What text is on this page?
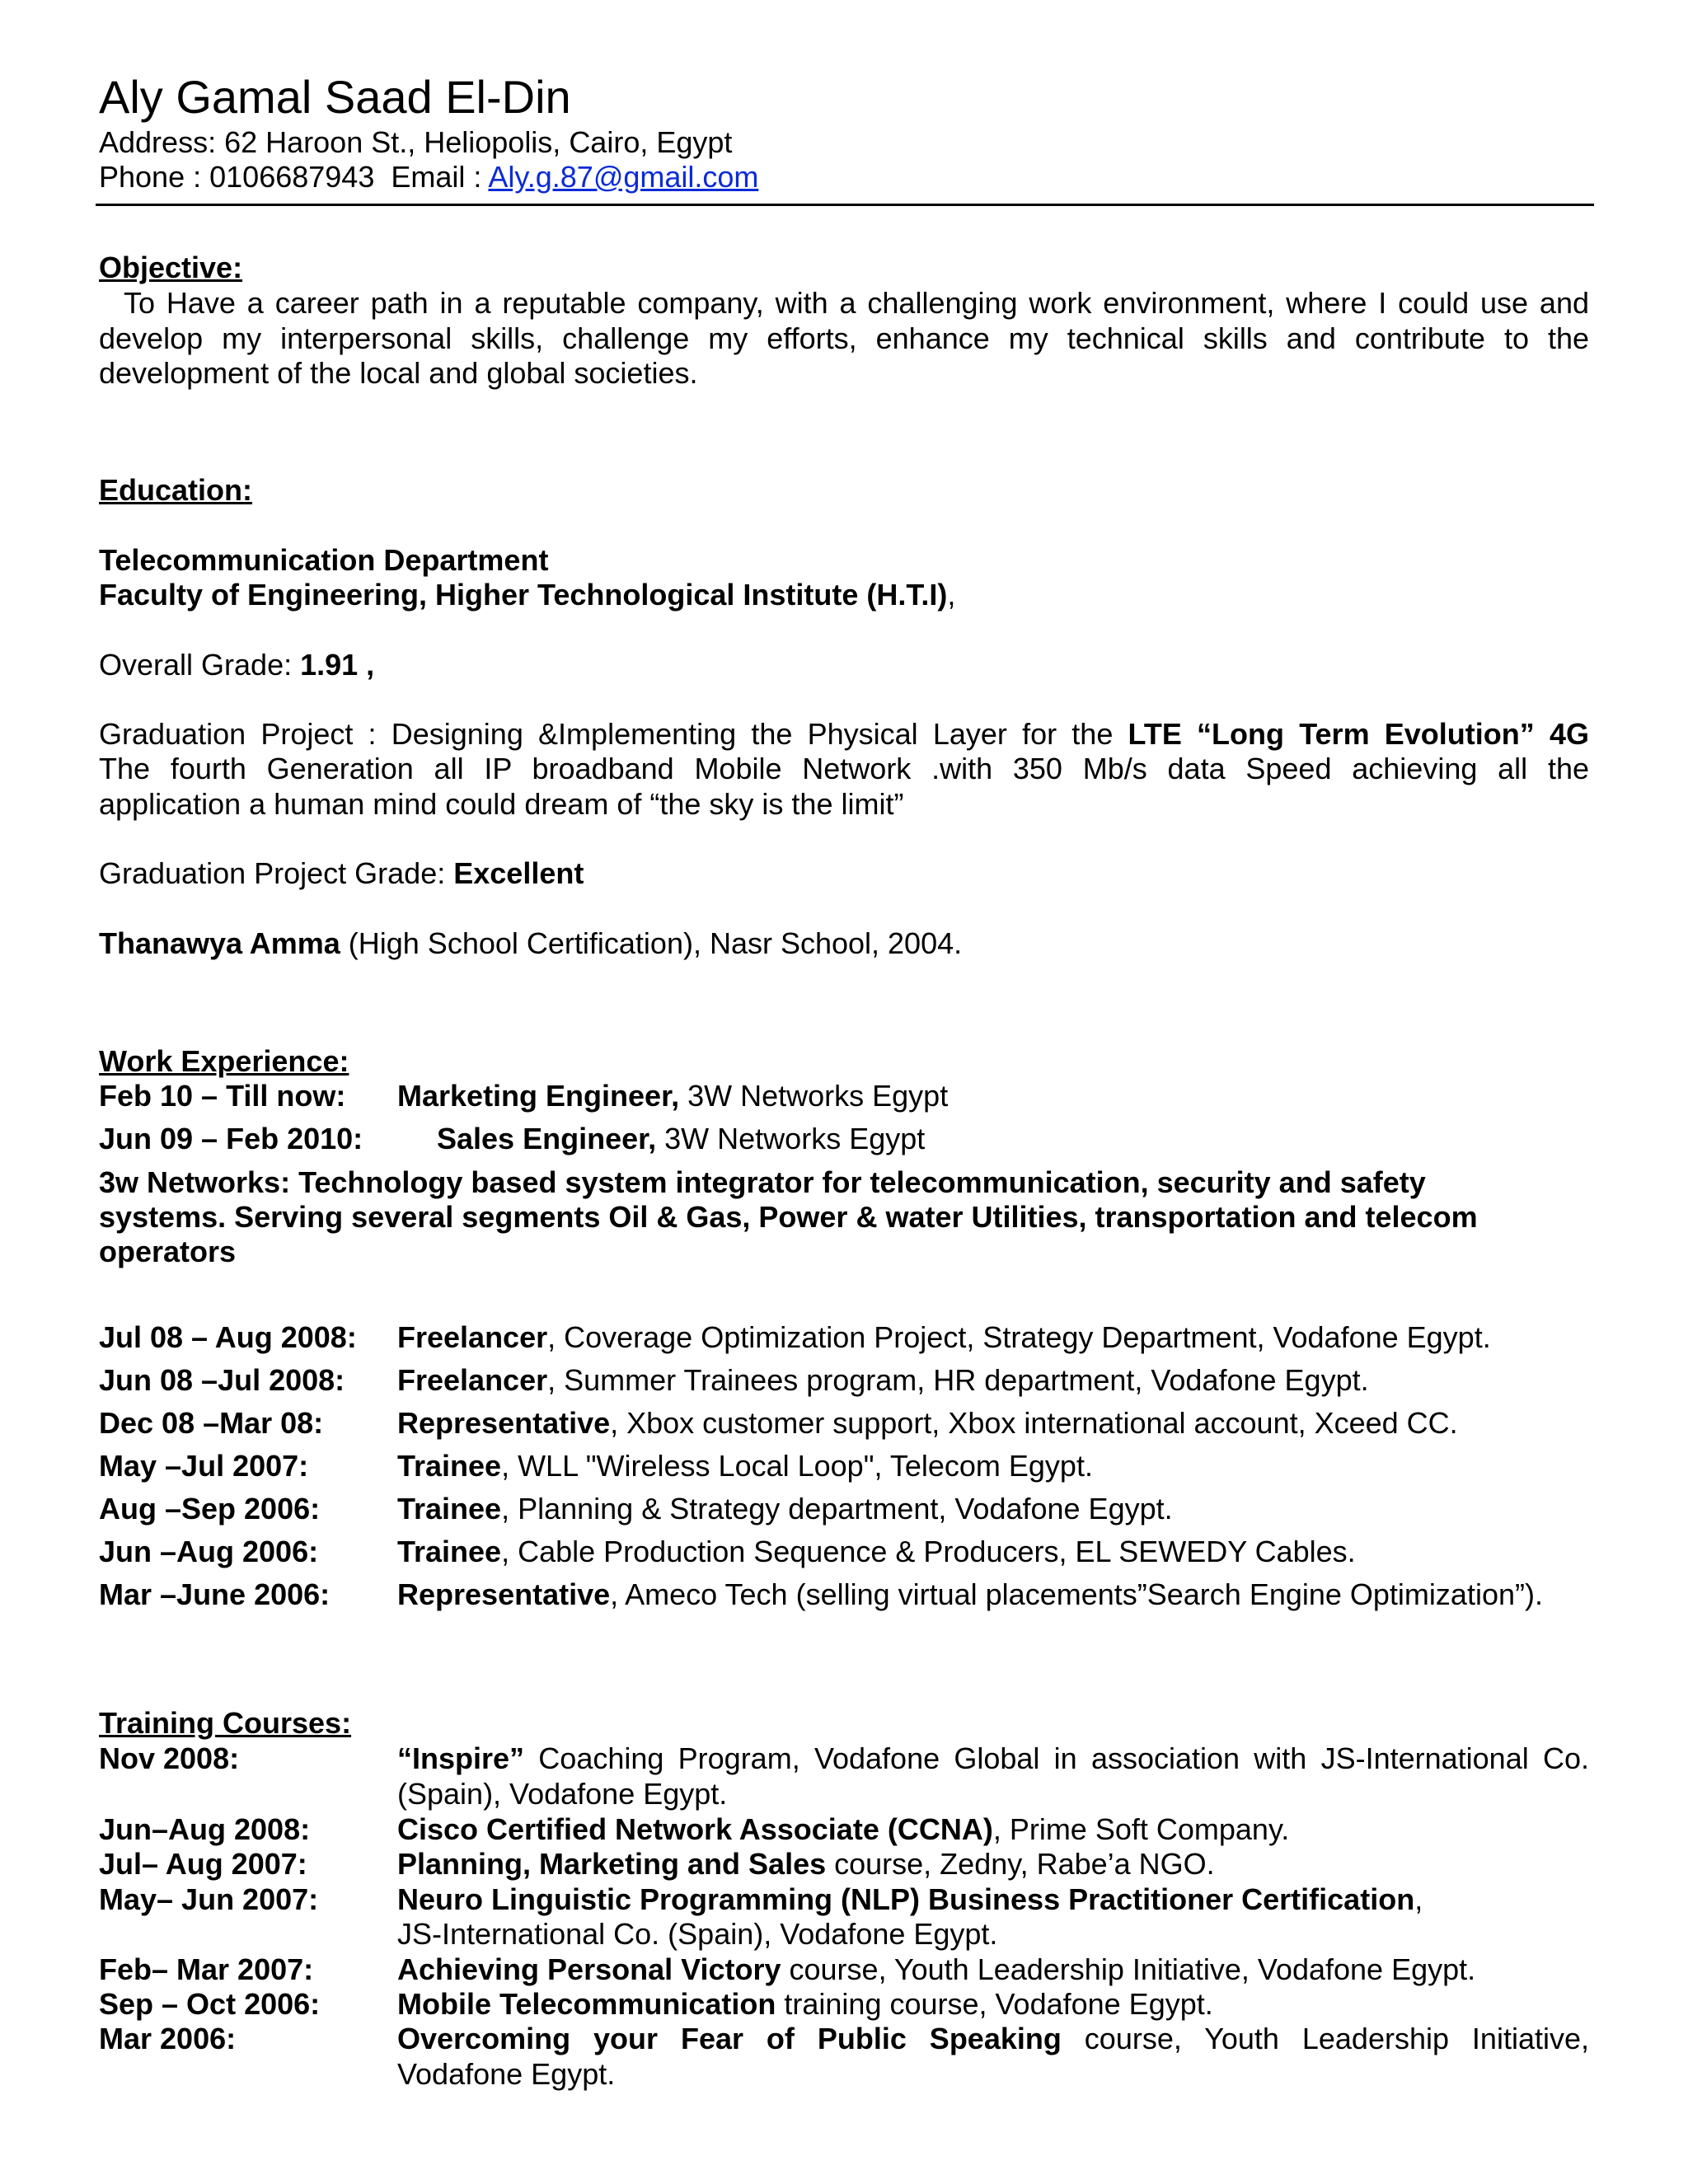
Aly Gamal Saad El-Din
Address: 62 Haroon St., Heliopolis, Cairo, Egypt
Phone : 0106687943 Email : Aly.g.87@gmail.com
Objective:
To Have a career path in a reputable company, with a challenging work environment, where I could use and develop my interpersonal skills, challenge my efforts, enhance my technical skills and contribute to the development of the local and global societies.
Education:
Telecommunication Department
Faculty of Engineering, Higher Technological Institute (H.T.I),
Overall Grade: 1.91 ,
Graduation Project : Designing &Implementing the Physical Layer for the LTE “Long Term Evolution” 4G
The fourth Generation all IP broadband Mobile Network .with 350 Mb/s data Speed achieving all the
application a human mind could dream of “the sky is the limit”
Graduation Project Grade: Excellent
Thanawya Amma (High School Certification), Nasr School, 2004.
Work Experience:
Feb 10 – Till now: Marketing Engineer, 3W Networks Egypt
Jun 09 – Feb 2010: Sales Engineer, 3W Networks Egypt
3w Networks: Technology based system integrator for telecommunication, security and safety systems. Serving several segments Oil & Gas, Power & water Utilities, transportation and telecom operators
Jul 08 – Aug 2008: Freelancer, Coverage Optimization Project, Strategy Department, Vodafone Egypt.
Jun 08 –Jul 2008: Freelancer, Summer Trainees program, HR department, Vodafone Egypt.
Dec 08 –Mar 08: Representative, Xbox customer support, Xbox international account, Xceed CC.
May –Jul 2007:	Trainee, WLL "Wireless Local Loop", Telecom Egypt.
Aug –Sep 2006:	Trainee, Planning & Strategy department, Vodafone Egypt.
Jun –Aug 2006:	Trainee, Cable Production Sequence & Producers, EL SEWEDY Cables.
Mar –June 2006: Representative, Ameco Tech (selling virtual placements”Search Engine Optimization”).
Training Courses:
Nov 2008:	“Inspire” Coaching Program, Vodafone Global in association with JS-International Co. (Spain), Vodafone Egypt.
Jun–Aug 2008:	Cisco Certified Network Associate (CCNA), Prime Soft Company.
Jul– Aug 2007:	Planning, Marketing and Sales course, Zedny, Rabe’a NGO.
May– Jun 2007:	Neuro Linguistic Programming (NLP) Business Practitioner Certification,
JS-International Co. (Spain), Vodafone Egypt.
Feb– Mar 2007:	Achieving Personal Victory course, Youth Leadership Initiative, Vodafone Egypt.
Sep – Oct 2006:	Mobile Telecommunication training course, Vodafone Egypt.
Mar 2006:	Overcoming your Fear of Public Speaking course, Youth Leadership Initiative, Vodafone Egypt.
